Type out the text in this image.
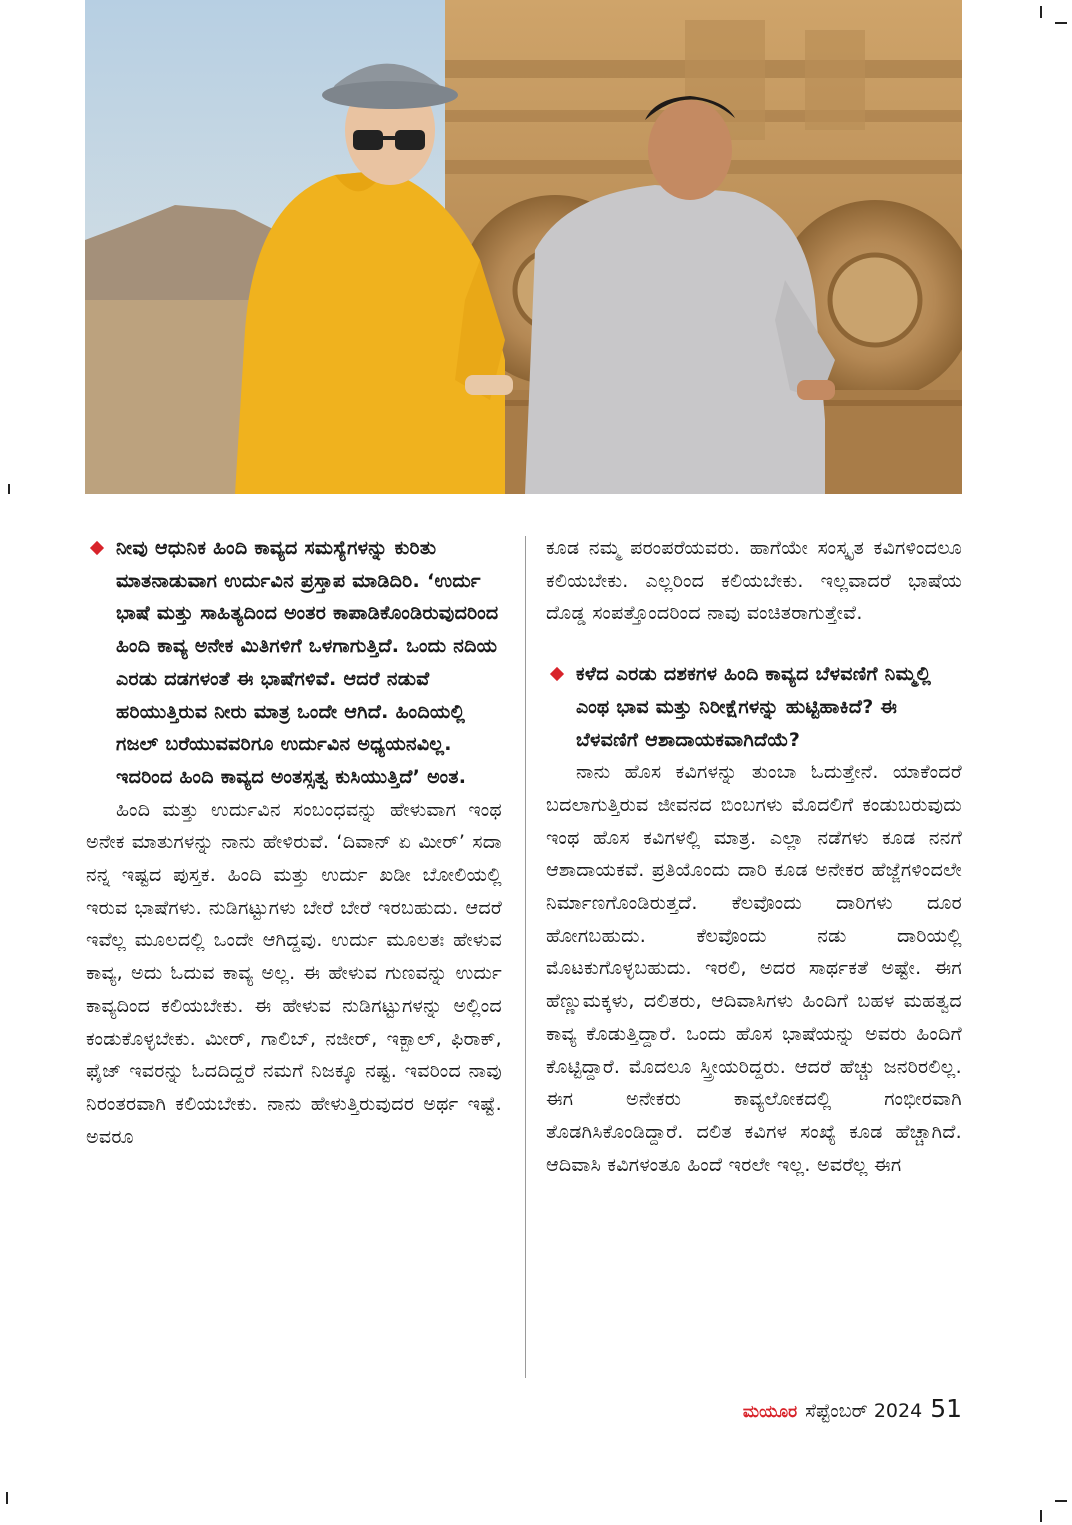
ನೀವು ಆಧುನಿಕ ಹಿಂದಿ ಕಾವ್ಯದ ಸಮಸ್ಯೆಗಳನ್ನು ಕುರಿತು ಮಾತನಾಡುವಾಗ ಉರ್ದುವಿನ ಪ್ರಸ್ತಾಪ ಮಾಡಿದಿರಿ. ‘ಉರ್ದು ಭಾಷೆ ಮತ್ತು ಸಾಹಿತ್ಯದಿಂದ ಅಂತರ ಕಾಪಾಡಿಕೊಂಡಿರುವುದರಿಂದ ಹಿಂದಿ ಕಾವ್ಯ ಅನೇಕ ಮಿತಿಗಳಿಗೆ ಒಳಗಾಗುತ್ತಿದೆ. ಒಂದು ನದಿಯ ಎರಡು ದಡಗಳಂತೆ ಈ ಭಾಷೆಗಳಿವೆ. ಆದರೆ ನಡುವೆ ಹರಿಯುತ್ತಿರುವ ನೀರು ಮಾತ್ರ ಒಂದೇ ಆಗಿದೆ. ಹಿಂದಿಯಲ್ಲಿ ಗಜಲ್ ಬರೆಯುವವರಿಗೂ ಉರ್ದುವಿನ ಅಧ್ಯಯನವಿಲ್ಲ. ಇದರಿಂದ ಹಿಂದಿ ಕಾವ್ಯದ ಅಂತಸ್ಸತ್ವ ಕುಸಿಯುತ್ತಿದೆ’ ಅಂತ.

ಹಿಂದಿ ಮತ್ತು ಉರ್ದುವಿನ ಸಂಬಂಧವನ್ನು ಹೇಳುವಾಗ ಇಂಥ ಅನೇಕ ಮಾತುಗಳನ್ನು ನಾನು ಹೇಳಿರುವೆ. ‘ದಿವಾನ್ ಏ ಮೀರ್’ ಸದಾ ನನ್ನ ಇಷ್ಟದ ಪುಸ್ತಕ. ಹಿಂದಿ ಮತ್ತು ಉರ್ದು ಖಡೀ ಬೋಲಿಯಲ್ಲಿ ಇರುವ ಭಾಷೆಗಳು. ನುಡಿಗಟ್ಟುಗಳು ಬೇರೆ ಬೇರೆ ಇರಬಹುದು. ಆದರೆ ಇವೆಲ್ಲ ಮೂಲದಲ್ಲಿ ಒಂದೇ ಆಗಿದ್ದವು. ಉರ್ದು ಮೂಲತಃ ಹೇಳುವ ಕಾವ್ಯ, ಅದು ಓದುವ ಕಾವ್ಯ ಅಲ್ಲ. ಈ ಹೇಳುವ ಗುಣವನ್ನು ಉರ್ದು ಕಾವ್ಯದಿಂದ ಕಲಿಯಬೇಕು. ಈ ಹೇಳುವ ನುಡಿಗಟ್ಟುಗಳನ್ನು ಅಲ್ಲಿಂದ ಕಂಡುಕೊಳ್ಳಬೇಕು. ಮೀರ್, ಗಾಲಿಬ್, ನಜೀರ್, ಇಕ್ಬಾಲ್, ಫಿರಾಕ್, ಫೈಜ್ ಇವರನ್ನು ಓದದಿದ್ದರೆ ನಮಗೆ ನಿಜಕ್ಕೂ ನಷ್ಟ. ಇವರಿಂದ ನಾವು ನಿರಂತರವಾಗಿ ಕಲಿಯಬೇಕು. ನಾನು ಹೇಳುತ್ತಿರುವುದರ ಅರ್ಥ ಇಷ್ಟೆ. ಅವರೂ

ಕೂಡ ನಮ್ಮ ಪರಂಪರೆಯವರು. ಹಾಗೆಯೇ ಸಂಸ್ಕೃತ ಕವಿಗಳಿಂದಲೂ ಕಲಿಯಬೇಕು. ಎಲ್ಲರಿಂದ ಕಲಿಯಬೇಕು. ಇಲ್ಲವಾದರೆ ಭಾಷೆಯ ದೊಡ್ಡ ಸಂಪತ್ತೊಂದರಿಂದ ನಾವು ವಂಚಿತರಾಗುತ್ತೇವೆ.

ಕಳೆದ ಎರಡು ದಶಕಗಳ ಹಿಂದಿ ಕಾವ್ಯದ ಬೆಳವಣಿಗೆ ನಿಮ್ಮಲ್ಲಿ ಎಂಥ ಭಾವ ಮತ್ತು ನಿರೀಕ್ಷೆಗಳನ್ನು ಹುಟ್ಟಿಹಾಕಿದೆ? ಈ ಬೆಳವಣಿಗೆ ಆಶಾದಾಯಕವಾಗಿದೆಯೆ?

ನಾನು ಹೊಸ ಕವಿಗಳನ್ನು ತುಂಬಾ ಓದುತ್ತೇನೆ. ಯಾಕೆಂದರೆ ಬದಲಾಗುತ್ತಿರುವ ಜೀವನದ ಬಿಂಬಗಳು ಮೊದಲಿಗೆ ಕಂಡುಬರುವುದು ಇಂಥ ಹೊಸ ಕವಿಗಳಲ್ಲಿ ಮಾತ್ರ. ಎಲ್ಲಾ ನಡೆಗಳು ಕೂಡ ನನಗೆ ಆಶಾದಾಯಕವೆ. ಪ್ರತಿಯೊಂದು ದಾರಿ ಕೂಡ ಅನೇಕರ ಹೆಜ್ಜೆಗಳಿಂದಲೇ ನಿರ್ಮಾಣಗೊಂಡಿರುತ್ತದೆ. ಕೆಲವೊಂದು ದಾರಿಗಳು ದೂರ ಹೋಗಬಹುದು. ಕೆಲವೊಂದು ನಡು ದಾರಿಯಲ್ಲಿ ಮೊಟಕುಗೊಳ್ಳಬಹುದು. ಇರಲಿ, ಅದರ ಸಾರ್ಥಕತೆ ಅಷ್ಟೇ. ಈಗ ಹೆಣ್ಣುಮಕ್ಕಳು, ದಲಿತರು, ಆದಿವಾಸಿಗಳು ಹಿಂದಿಗೆ ಬಹಳ ಮಹತ್ವದ ಕಾವ್ಯ ಕೊಡುತ್ತಿದ್ದಾರೆ. ಒಂದು ಹೊಸ ಭಾಷೆಯನ್ನು ಅವರು ಹಿಂದಿಗೆ ಕೊಟ್ಟಿದ್ದಾರೆ. ಮೊದಲೂ ಸ್ತ್ರೀಯರಿದ್ದರು. ಆದರೆ ಹೆಚ್ಚು ಜನರಿರಲಿಲ್ಲ. ಈಗ ಅನೇಕರು ಕಾವ್ಯಲೋಕದಲ್ಲಿ ಗಂಭೀರವಾಗಿ ತೊಡಗಿಸಿಕೊಂಡಿದ್ದಾರೆ. ದಲಿತ ಕವಿಗಳ ಸಂಖ್ಯೆ ಕೂಡ ಹೆಚ್ಚಾಗಿದೆ. ಆದಿವಾಸಿ ಕವಿಗಳಂತೂ ಹಿಂದೆ ಇರಲೇ ಇಲ್ಲ. ಅವರೆಲ್ಲ ಈಗ

ಮಯೂರ ಸೆಪ್ಟೆಂಬರ್ 2024 51
